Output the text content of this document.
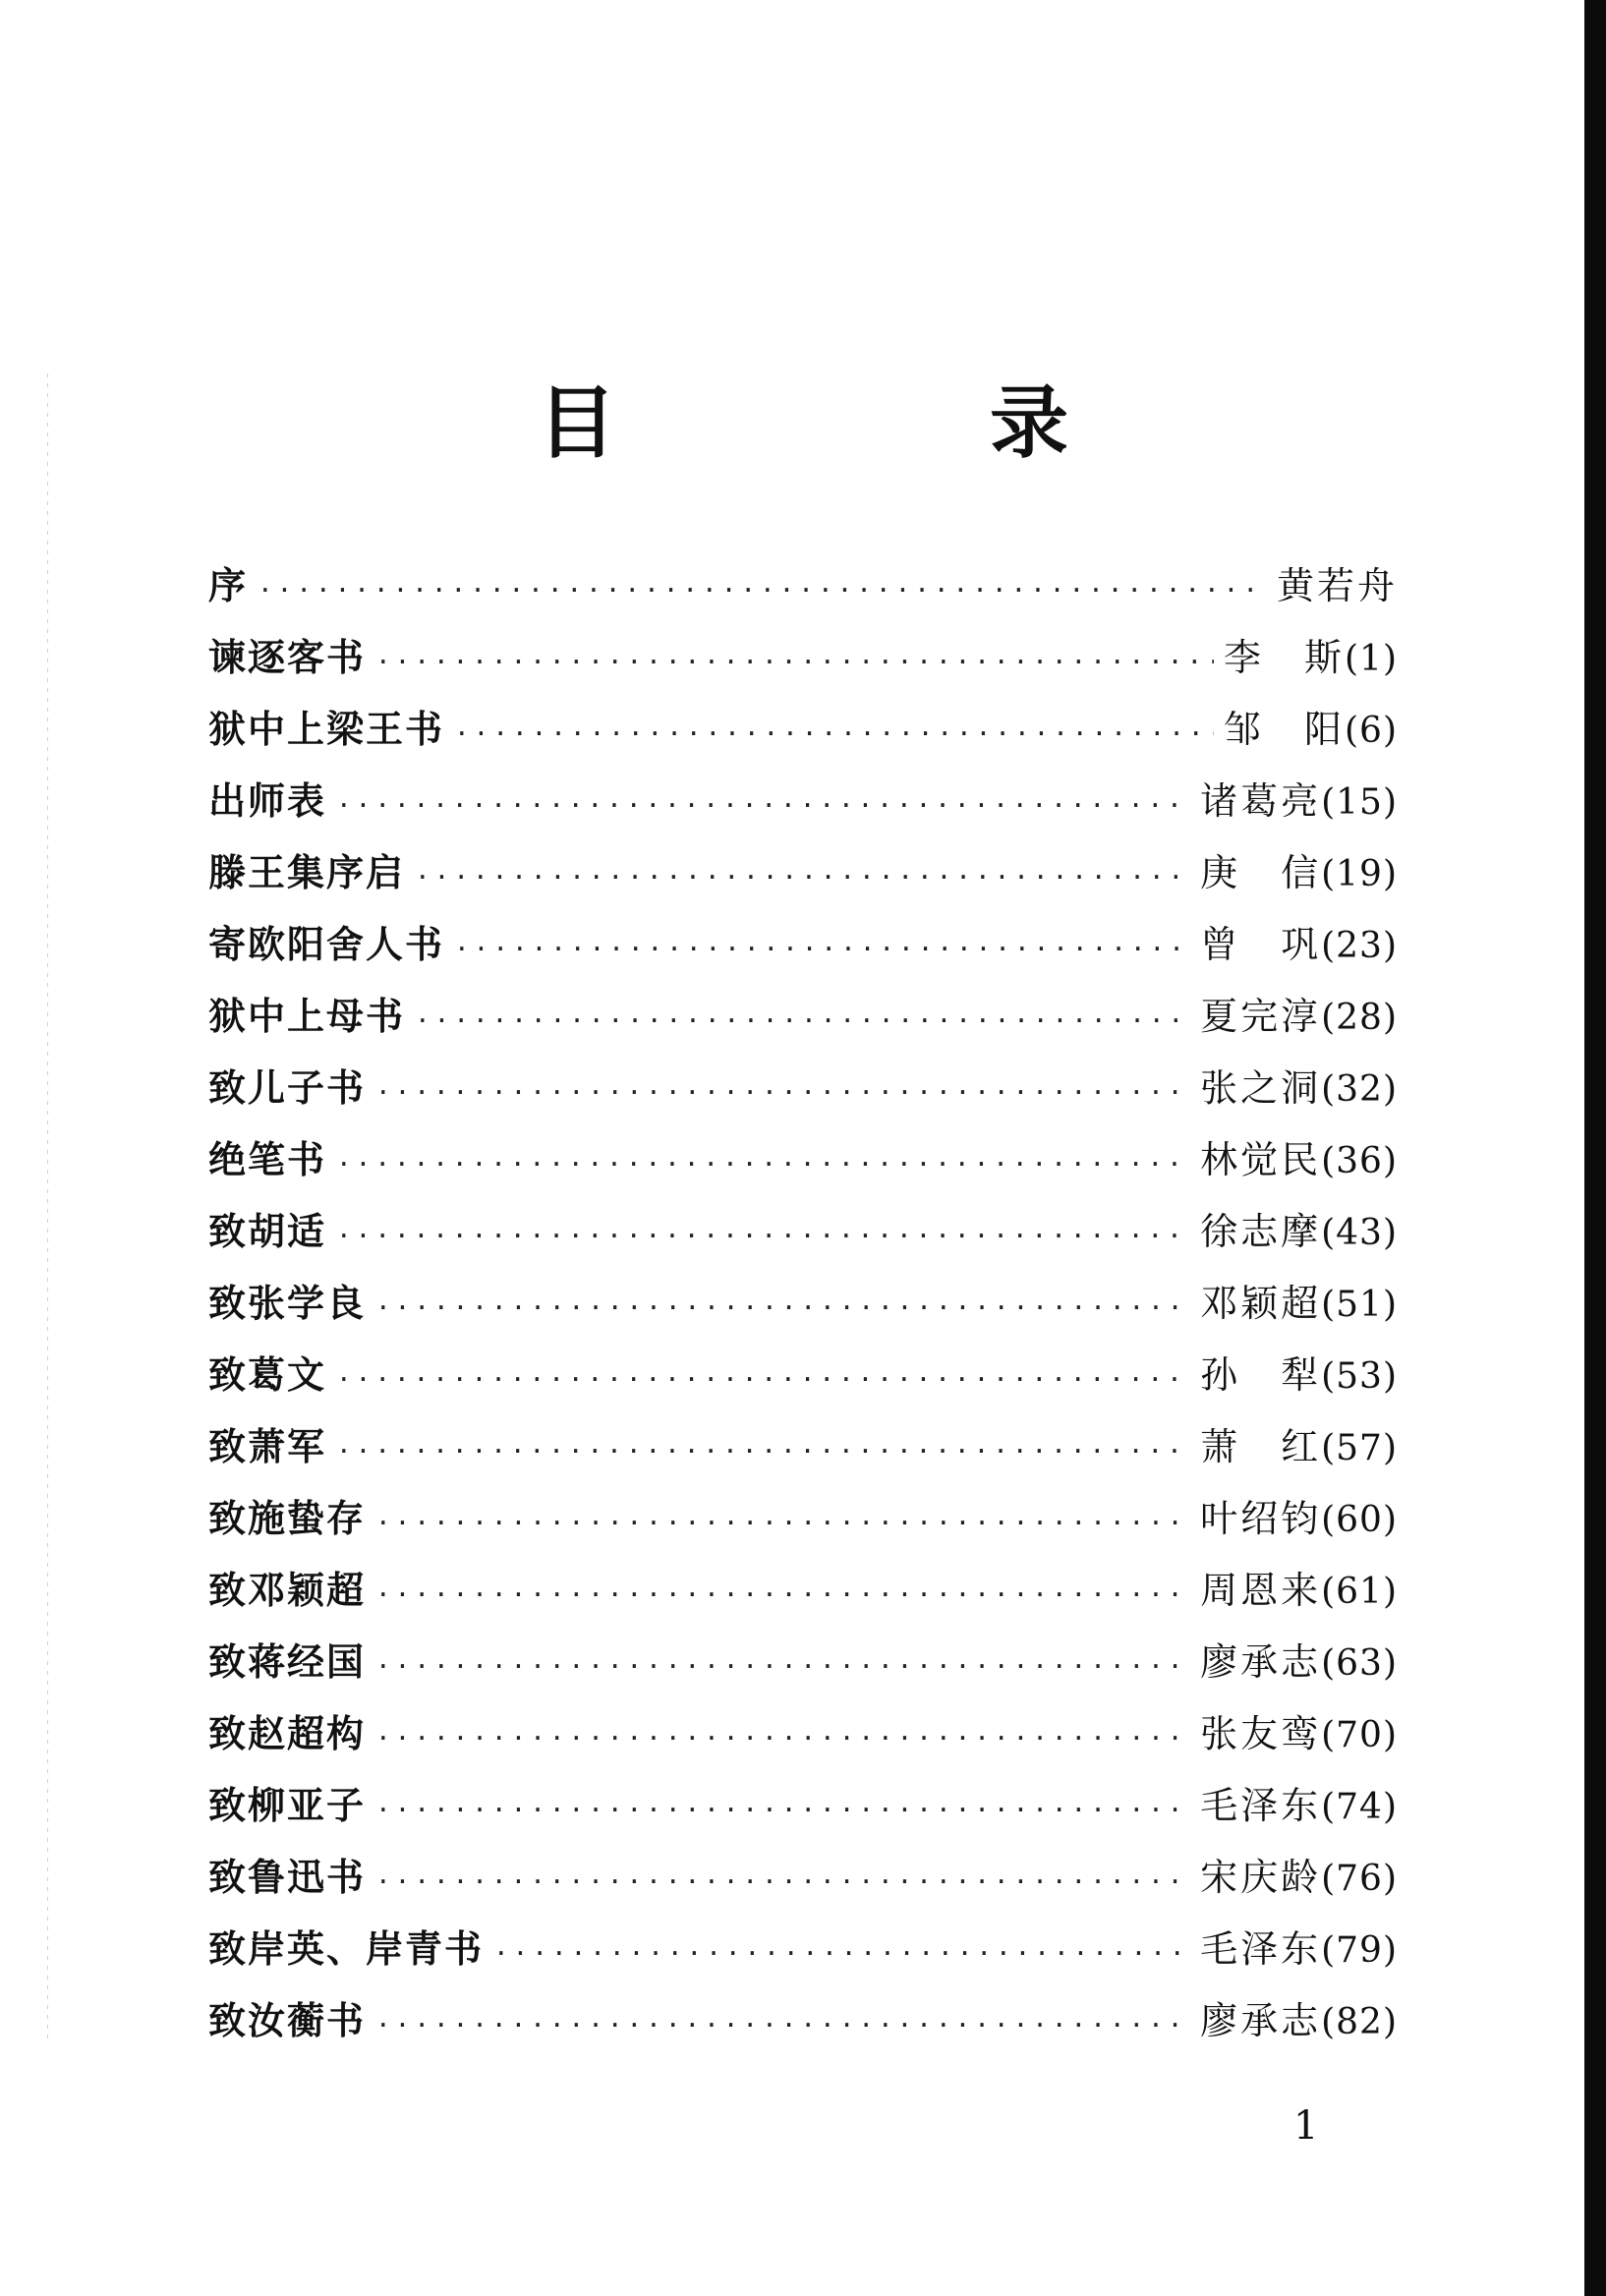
目　录
序 ·····	黄若舟
谏逐客书 ·····	李　斯 (1)
狱中上梁王书 ·····	邹　阳 (6)
出师表 ·····	诸葛亮 (15)
滕王集序启 ·····	庚　信 (19)
寄欧阳舍人书 ·····	曾　巩 (23)
狱中上母书 ·····	夏完淳 (28)
致儿子书 ·····	张之洞 (32)
绝笔书 ·····	林觉民 (36)
致胡适 ·····	徐志摩 (43)
致张学良 ·····	邓颖超 (51)
致葛文 ·····	孙　犁 (53)
致萧军 ·····	萧　红 (57)
致施蛰存 ·····	叶绍钧 (60)
致邓颖超 ·····	周恩来 (61)
致蒋经国 ·····	廖承志 (63)
致赵超构 ·····	张友鸾 (70)
致柳亚子 ·····	毛泽东 (74)
致鲁迅书 ·····	宋庆龄 (76)
致岸英、岸青书 ·····	毛泽东 (79)
致汝蘅书 ·····	廖承志 (82)
1
